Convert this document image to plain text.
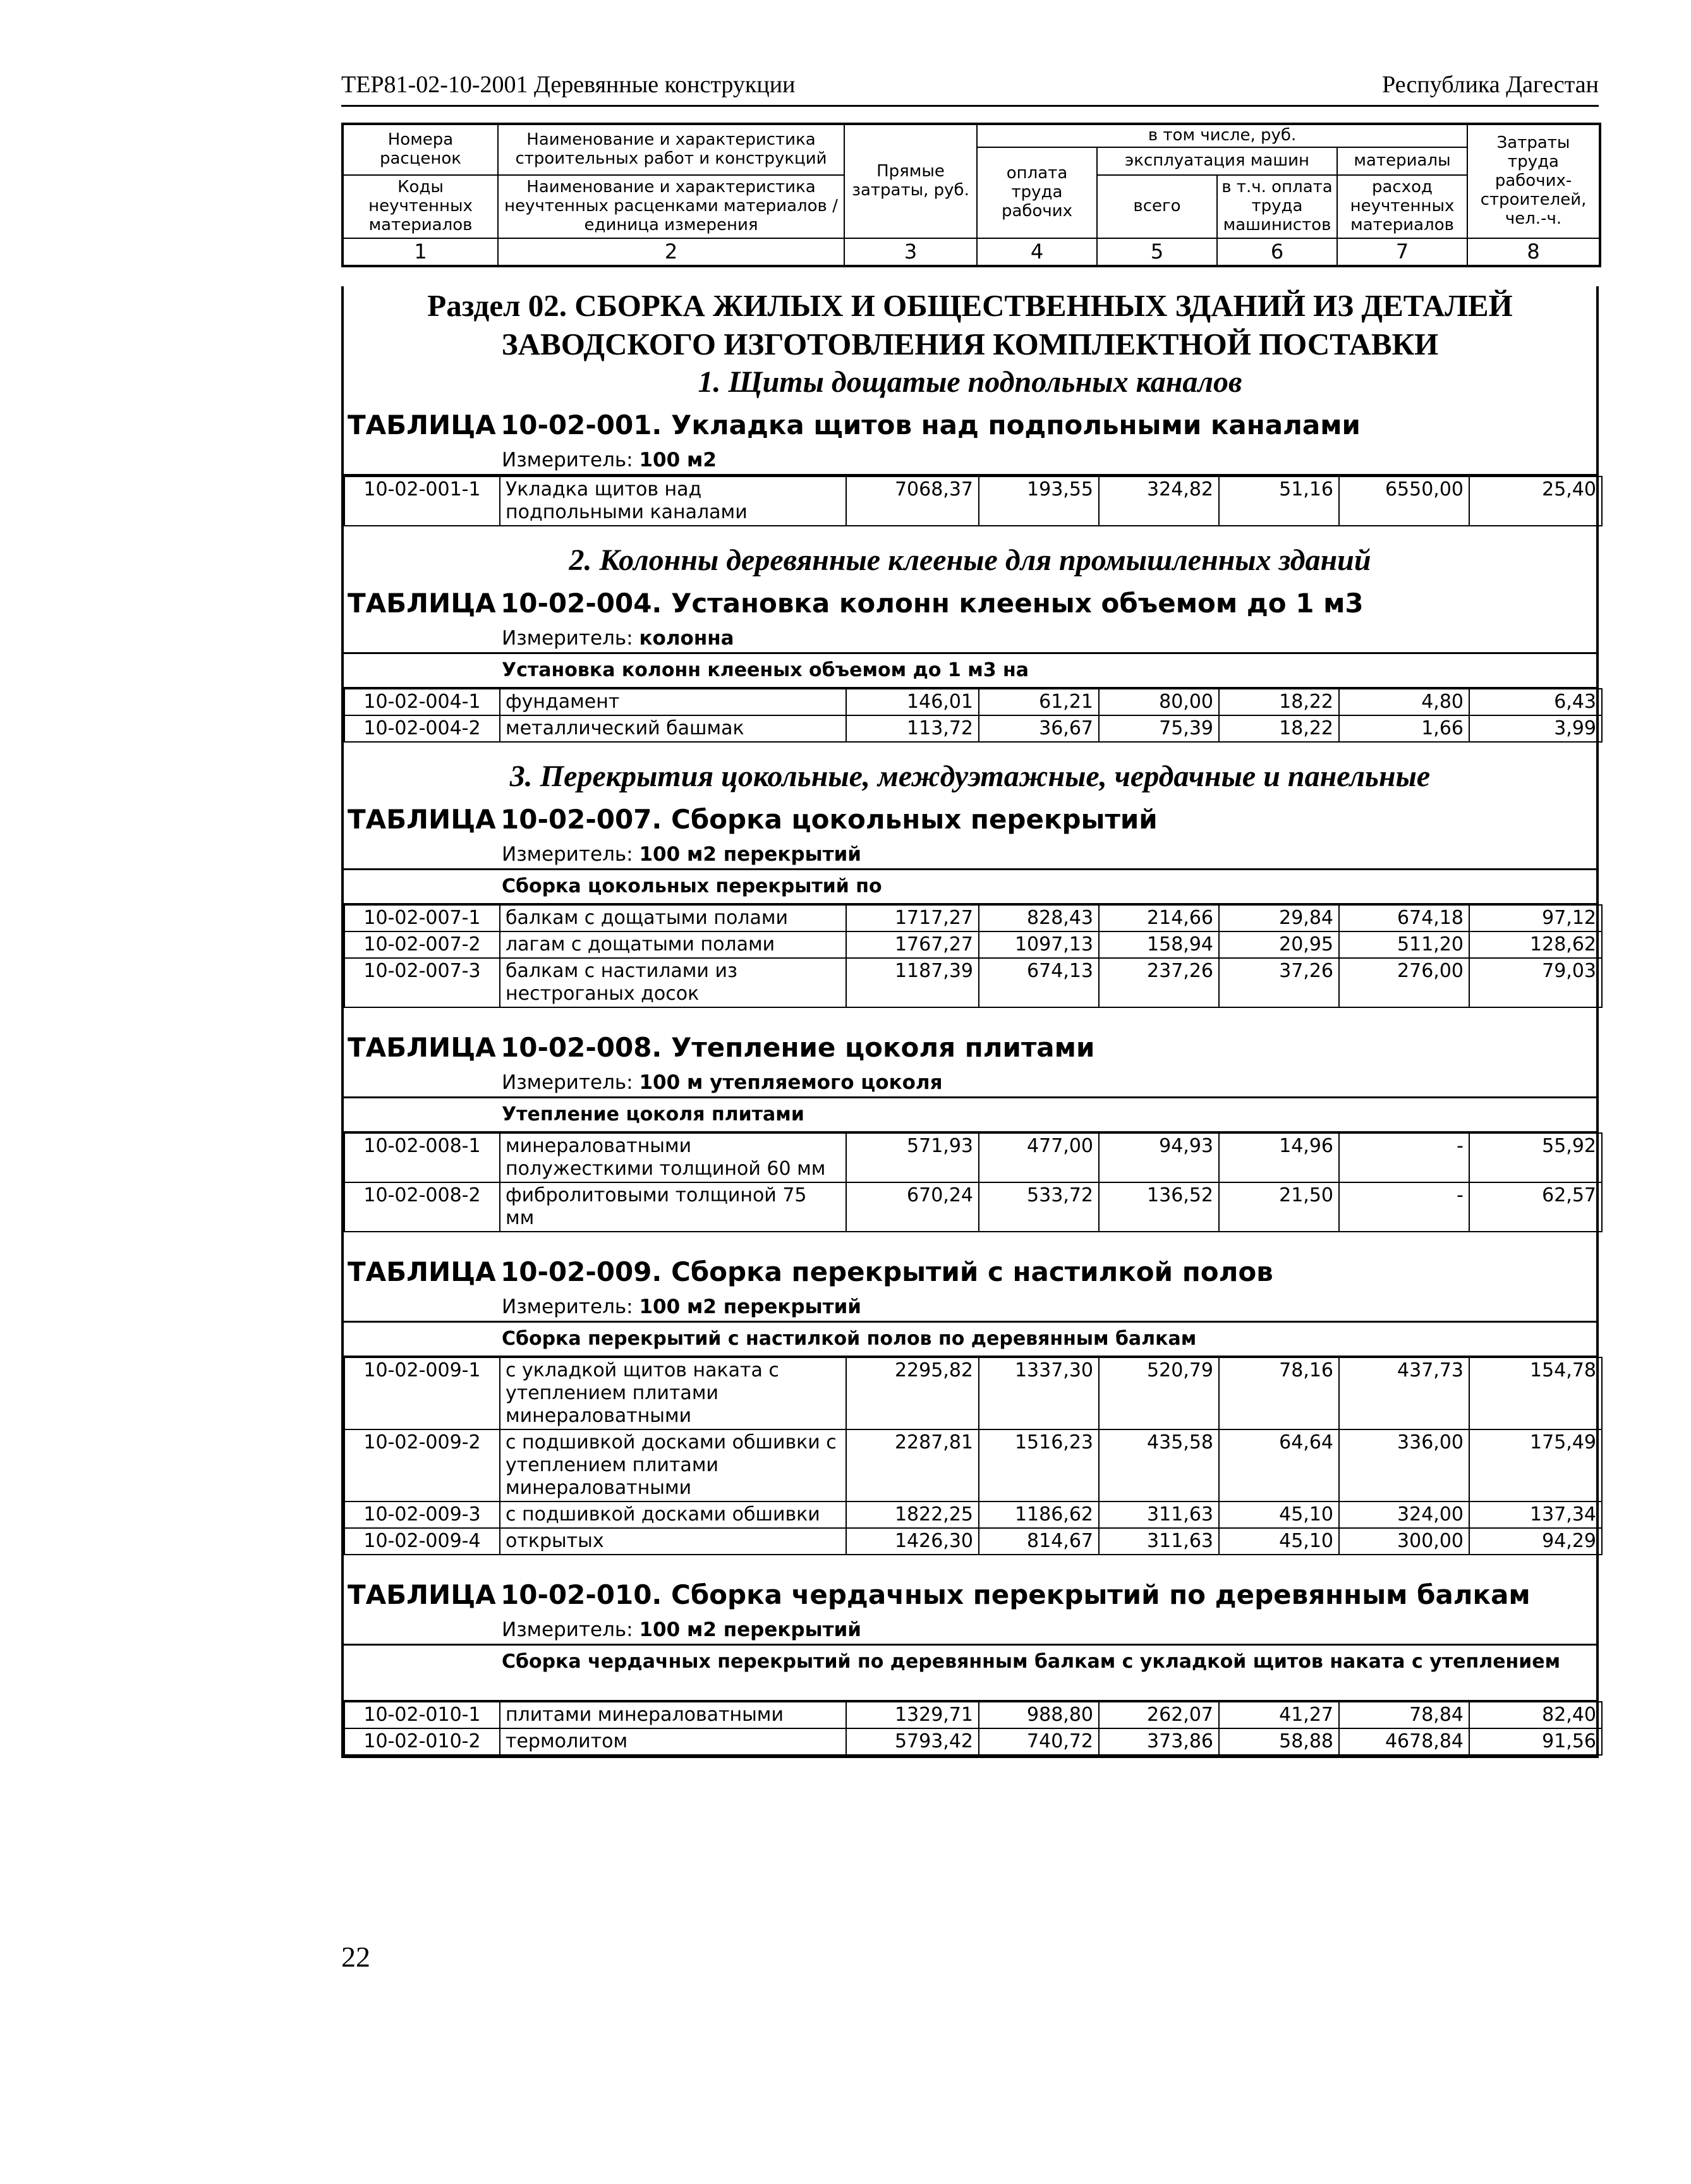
ТЕР81-02-10-2001 Деревянные конструкции	Республика Дагестан
Номера расценок	Наименование и характеристика строительных работ и конструкций	Прямые затраты, руб.	в том числе, руб.				Затраты труда рабочих-строителей, чел.-ч.
			оплата труда рабочих	эксплуатация машин		материалы	

Коды неучтенных материалов	Наименование и характеристика неучтенных расценками материалов / единица измерения			всего	в т.ч. оплата труда машинистов	расход неучтенных материалов	

1	2	3	4	5	6	7	8
Раздел 02. СБОРКА ЖИЛЫХ И ОБЩЕСТВЕННЫХ ЗДАНИЙ ИЗ ДЕТАЛЕЙ ЗАВОДСКОГО ИЗГОТОВЛЕНИЯ КОМПЛЕКТНОЙ ПОСТАВКИ
1. Щиты дощатые подпольных каналов
ТАБЛИЦА 10-02-001. Укладка щитов над подпольными каналами
Измеритель: 100 м2
10-02-001-1	Укладка щитов над подпольными каналами	7068,37	193,55	324,82	51,16	6550,00	25,40
2. Колонны деревянные клееные для промышленных зданий
ТАБЛИЦА 10-02-004. Установка колонн клееных объемом до 1 м3
Измеритель: колонна
Установка колонн клееных объемом до 1 м3 на
10-02-004-1	фундамент	146,01	61,21	80,00	18,22	4,80	6,43
10-02-004-2	металлический башмак	113,72	36,67	75,39	18,22	1,66	3,99
3. Перекрытия цокольные, междуэтажные, чердачные и панельные
ТАБЛИЦА 10-02-007. Сборка цокольных перекрытий
Измеритель: 100 м2 перекрытий
Сборка цокольных перекрытий по
10-02-007-1	балкам с дощатыми полами	1717,27	828,43	214,66	29,84	674,18	97,12
10-02-007-2	лагам с дощатыми полами	1767,27	1097,13	158,94	20,95	511,20	128,62
10-02-007-3	балкам с настилами из нестроганых досок	1187,39	674,13	237,26	37,26	276,00	79,03
ТАБЛИЦА 10-02-008. Утепление цоколя плитами
Измеритель: 100 м утепляемого цоколя
Утепление цоколя плитами
10-02-008-1	минераловатными полужесткими толщиной 60 мм	571,93	477,00	94,93	14,96	-	55,92
10-02-008-2	фибролитовыми толщиной 75 мм	670,24	533,72	136,52	21,50	-	62,57
ТАБЛИЦА 10-02-009. Сборка перекрытий с настилкой полов
Измеритель: 100 м2 перекрытий
Сборка перекрытий с настилкой полов по деревянным балкам
10-02-009-1	с укладкой щитов наката с утеплением плитами минераловатными	2295,82	1337,30	520,79	78,16	437,73	154,78
10-02-009-2	с подшивкой досками обшивки с утеплением плитами минераловатными	2287,81	1516,23	435,58	64,64	336,00	175,49
10-02-009-3	с подшивкой досками обшивки	1822,25	1186,62	311,63	45,10	324,00	137,34
10-02-009-4	открытых	1426,30	814,67	311,63	45,10	300,00	94,29
ТАБЛИЦА 10-02-010. Сборка чердачных перекрытий по деревянным балкам
Измеритель: 100 м2 перекрытий
Сборка чердачных перекрытий по деревянным балкам с укладкой щитов наката с утеплением
10-02-010-1	плитами минераловатными	1329,71	988,80	262,07	41,27	78,84	82,40
10-02-010-2	термолитом	5793,42	740,72	373,86	58,88	4678,84	91,56
22
